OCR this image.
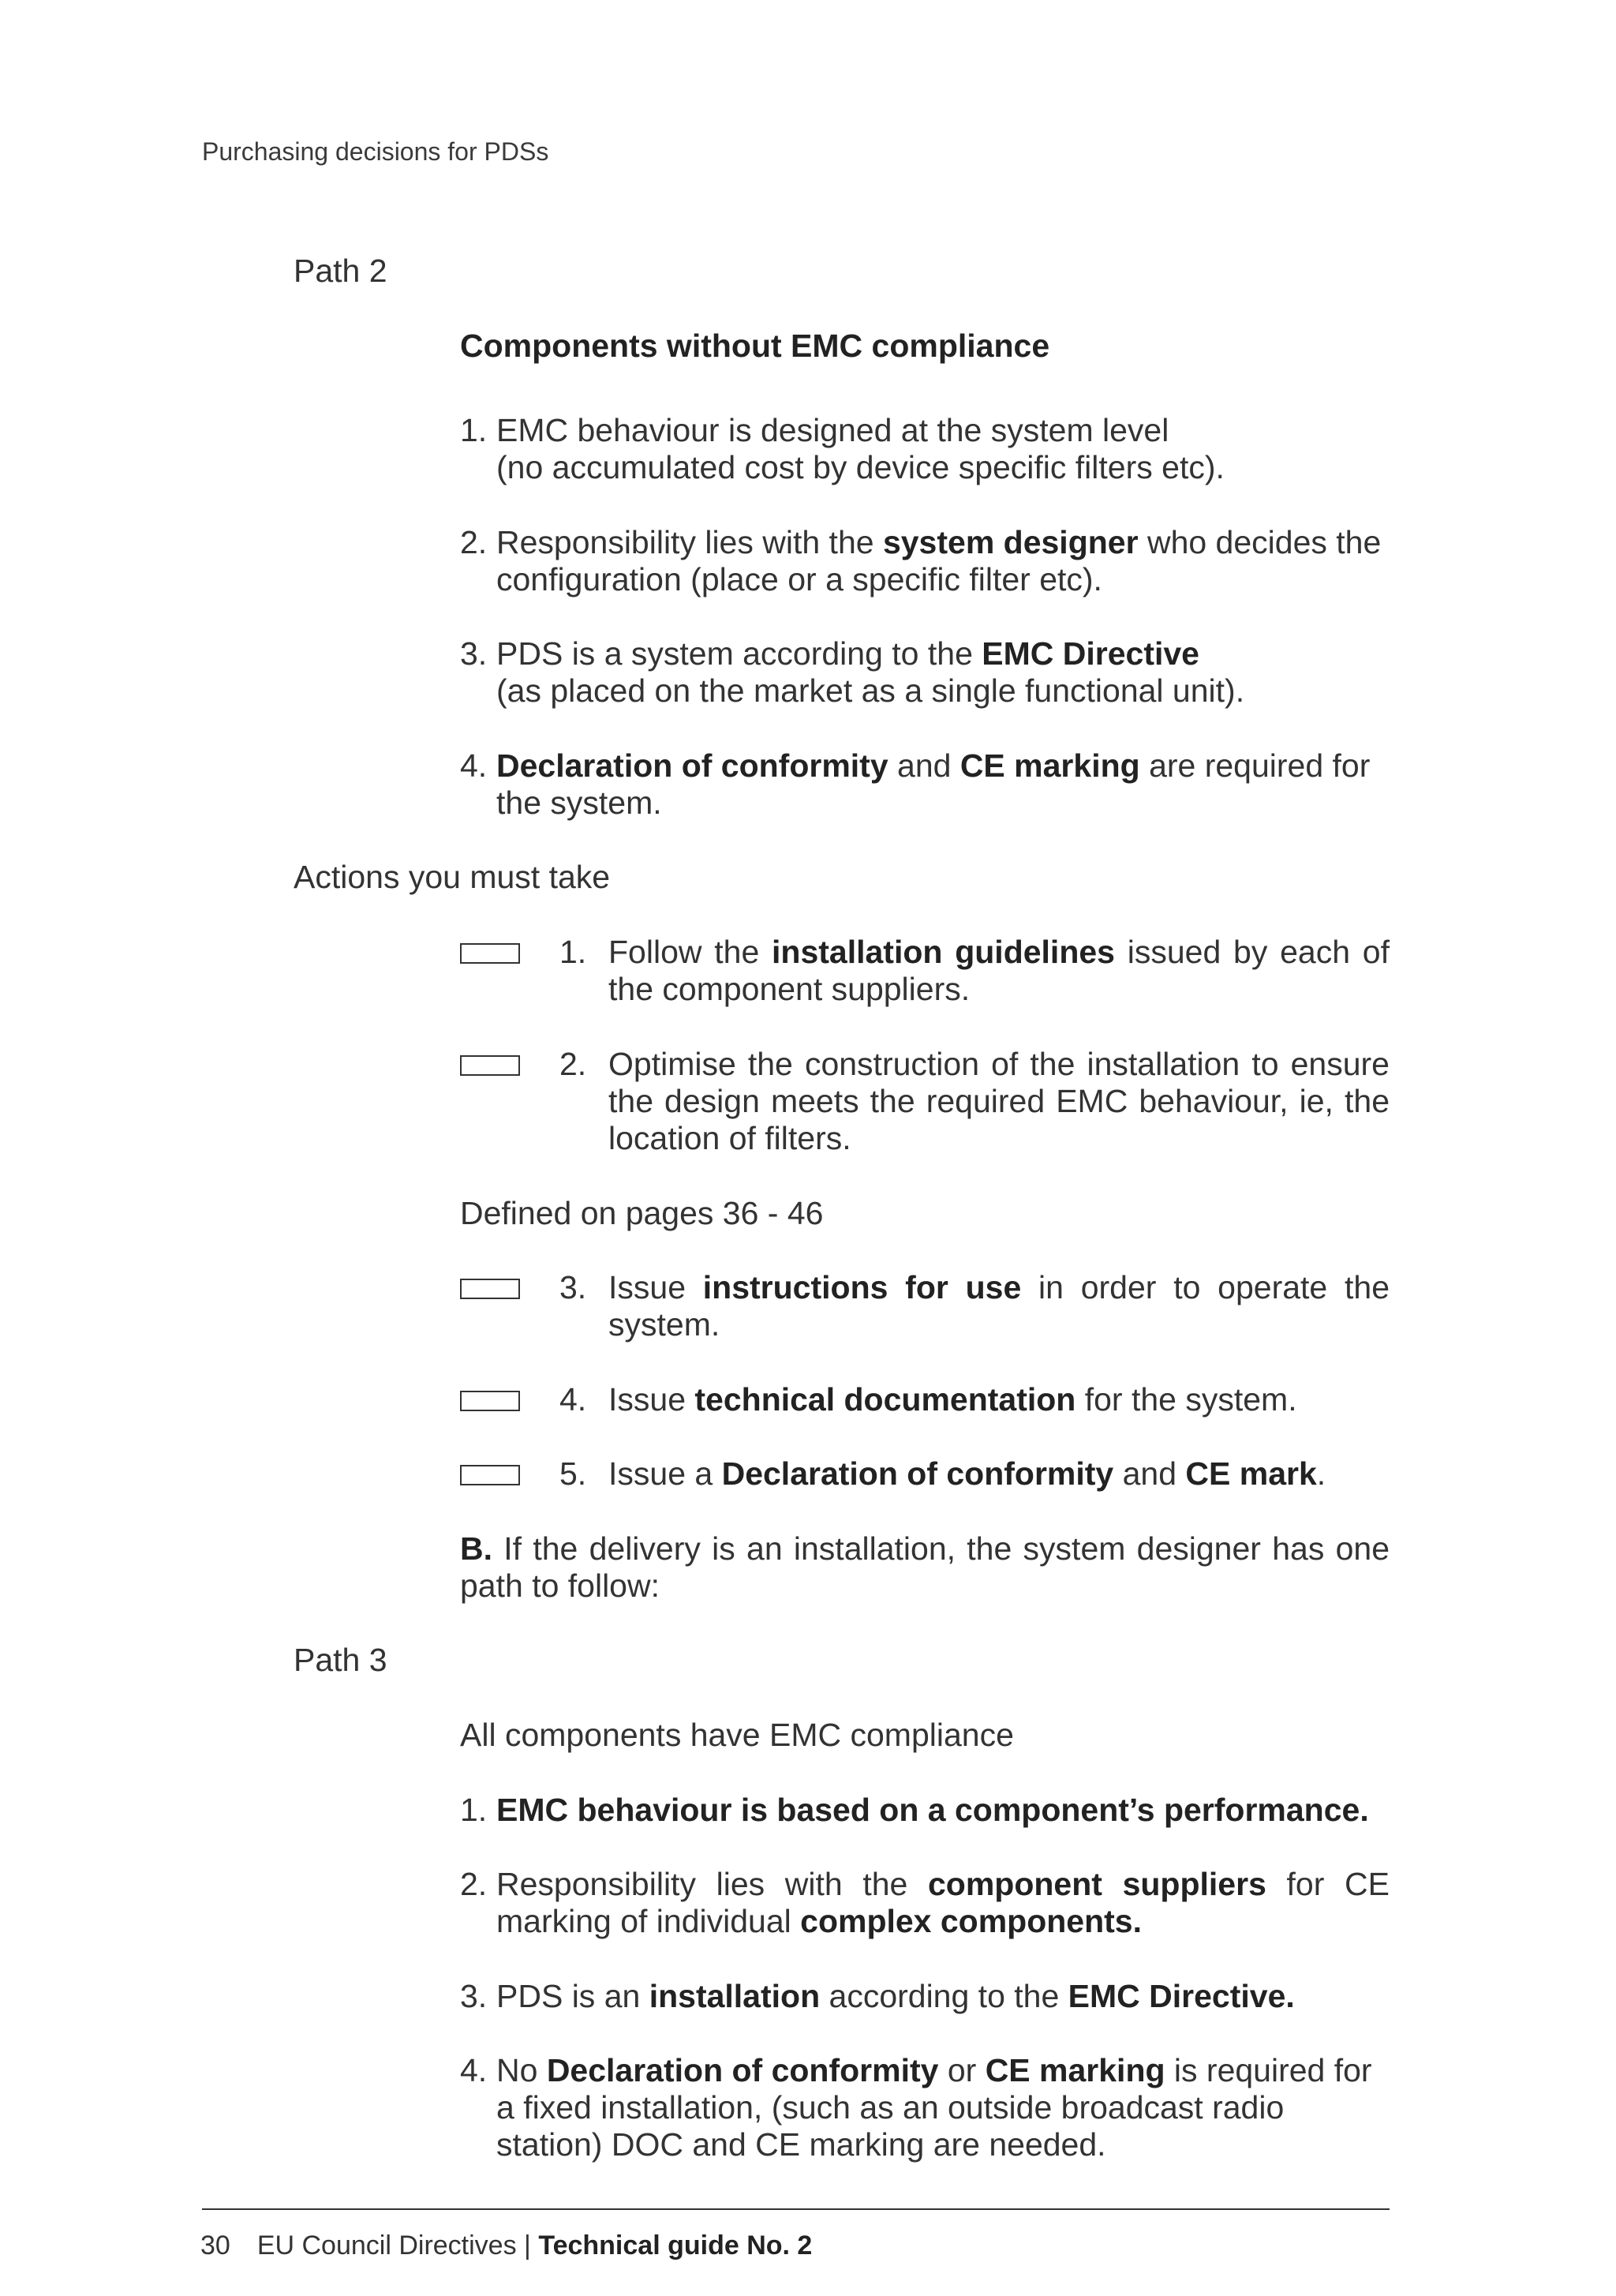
Purchasing decisions for PDSs
Path 2
Components without EMC compliance
1. EMC behaviour is designed at the system level
(no accumulated cost by device specific filters etc).
2. Responsibility lies with the system designer who decides the configuration (place or a specific filter etc).
3. PDS is a system according to the EMC Directive
(as placed on the market as a single functional unit).
4. Declaration of conformity and CE marking are required for the system.
Actions you must take
1. Follow the installation guidelines issued by each of the component suppliers.
2. Optimise the construction of the installation to ensure the design meets the required EMC behaviour, ie, the location of filters.
Defined on pages 36 - 46
3. Issue instructions for use in order to operate the system.
4. Issue technical documentation for the system.
5. Issue a Declaration of conformity and CE mark.
B. If the delivery is an installation, the system designer has one path to follow:
Path 3
All components have EMC compliance
1. EMC behaviour is based on a component’s performance.
2. Responsibility lies with the component suppliers for CE marking of individual complex components.
3. PDS is an installation according to the EMC Directive.
4. No Declaration of conformity or CE marking is required for a fixed installation, (such as an outside broadcast radio station) DOC and CE marking are needed.
30 EU Council Directives | Technical guide No. 2
